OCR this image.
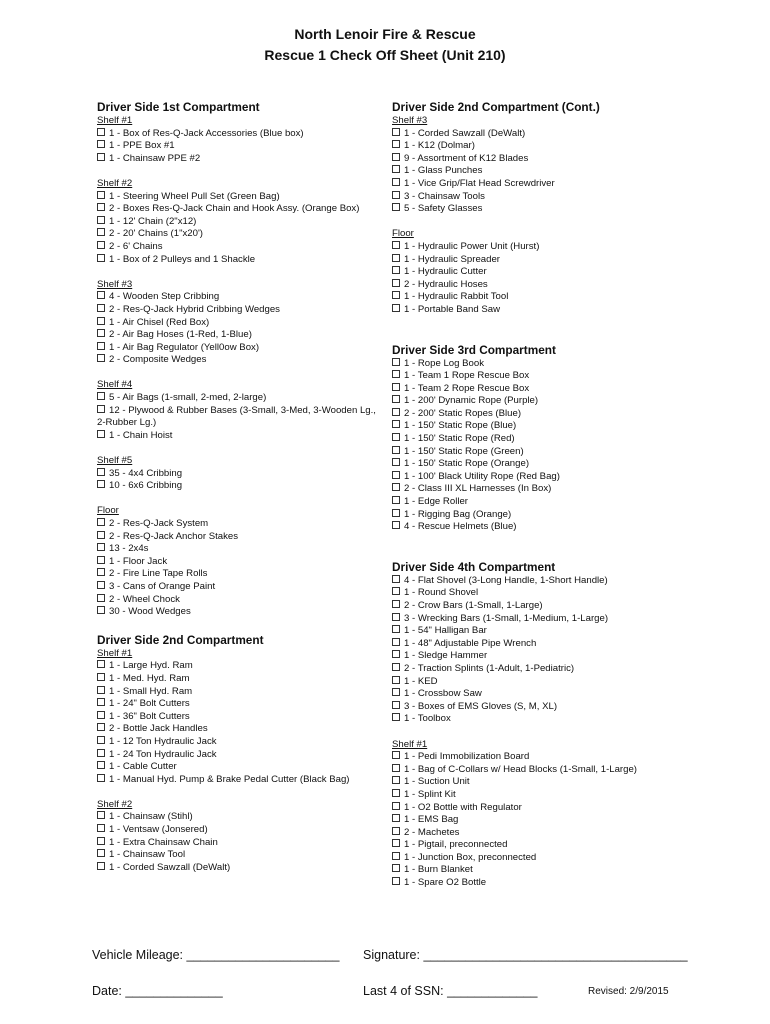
North Lenoir Fire & Rescue
Rescue 1 Check Off Sheet (Unit 210)
Driver Side 1st Compartment
Shelf #1
1 - Box of Res-Q-Jack Accessories (Blue box)
1 - PPE Box #1
1 - Chainsaw PPE #2
Shelf #2
1 - Steering Wheel Pull Set (Green Bag)
2 - Boxes Res-Q-Jack Chain and Hook Assy. (Orange Box)
1 - 12' Chain (2"x12)
2 - 20' Chains (1"x20')
2 - 6' Chains
1 - Box of 2 Pulleys and 1 Shackle
Shelf #3
4 - Wooden Step Cribbing
2 - Res-Q-Jack Hybrid Cribbing Wedges
1 - Air Chisel (Red Box)
2 - Air Bag Hoses (1-Red, 1-Blue)
1 - Air Bag Regulator (Yell0ow Box)
2 - Composite Wedges
Shelf #4
5 - Air Bags (1-small, 2-med, 2-large)
12 - Plywood & Rubber Bases (3-Small, 3-Med, 3-Wooden Lg., 2-Rubber Lg.)
1 - Chain Hoist
Shelf #5
35 - 4x4 Cribbing
10 - 6x6 Cribbing
Floor
2 - Res-Q-Jack System
2 - Res-Q-Jack Anchor Stakes
13 - 2x4s
1 - Floor Jack
2 - Fire Line Tape Rolls
3 - Cans of Orange Paint
2 - Wheel Chock
30 - Wood Wedges
Driver Side 2nd Compartment
Shelf #1
1 - Large Hyd. Ram
1 - Med. Hyd. Ram
1 - Small Hyd. Ram
1 - 24" Bolt Cutters
1 - 36" Bolt Cutters
2 - Bottle Jack Handles
1 - 12 Ton Hydraulic Jack
1 - 24 Ton Hydraulic Jack
1 - Cable Cutter
1 - Manual Hyd. Pump & Brake Pedal Cutter (Black Bag)
Shelf #2
1 - Chainsaw (Stihl)
1 - Ventsaw (Jonsered)
1 - Extra Chainsaw Chain
1 - Chainsaw Tool
1 - Corded Sawzall (DeWalt)
Driver Side 2nd Compartment (Cont.)
Shelf #3
1 - Corded Sawzall (DeWalt)
1 - K12 (Dolmar)
9 - Assortment of K12 Blades
1 - Glass Punches
1 - Vice Grip/Flat Head Screwdriver
3 - Chainsaw Tools
5 - Safety Glasses
Floor
1 - Hydraulic Power Unit (Hurst)
1 - Hydraulic Spreader
1 - Hydraulic Cutter
2 - Hydraulic Hoses
1 - Hydraulic Rabbit Tool
1 - Portable Band Saw
Driver Side 3rd Compartment
1 - Rope Log Book
1 - Team 1 Rope Rescue Box
1 - Team 2 Rope Rescue Box
1 - 200' Dynamic Rope (Purple)
2 - 200' Static Ropes (Blue)
1 - 150' Static Rope (Blue)
1 - 150' Static Rope (Red)
1 - 150' Static Rope (Green)
1 - 150' Static Rope (Orange)
1 - 100' Black Utility Rope (Red Bag)
2 - Class III XL Harnesses (In Box)
1 - Edge Roller
1 - Rigging Bag (Orange)
4 - Rescue Helmets (Blue)
Driver Side 4th Compartment
4 - Flat Shovel (3-Long Handle, 1-Short Handle)
1 - Round Shovel
2 - Crow Bars (1-Small, 1-Large)
3 - Wrecking Bars (1-Small, 1-Medium, 1-Large)
1 - 54" Halligan Bar
1 - 48" Adjustable Pipe Wrench
1 - Sledge Hammer
2 - Traction Splints (1-Adult, 1-Pediatric)
1 - KED
1 - Crossbow Saw
3 - Boxes of EMS Gloves (S, M, XL)
1 - Toolbox
Shelf #1
1 - Pedi Immobilization Board
1 - Bag of C-Collars w/ Head Blocks (1-Small, 1-Large)
1 - Suction Unit
1 - Splint Kit
1 - O2 Bottle with Regulator
1 - EMS Bag
2 - Machetes
1 - Pigtail, preconnected
1 - Junction Box, preconnected
1 - Burn Blanket
1 - Spare O2 Bottle
Vehicle Mileage: ______________________ Signature: ______________________________________
Date: ______________	Last 4 of SSN: _____________	Revised: 2/9/2015
